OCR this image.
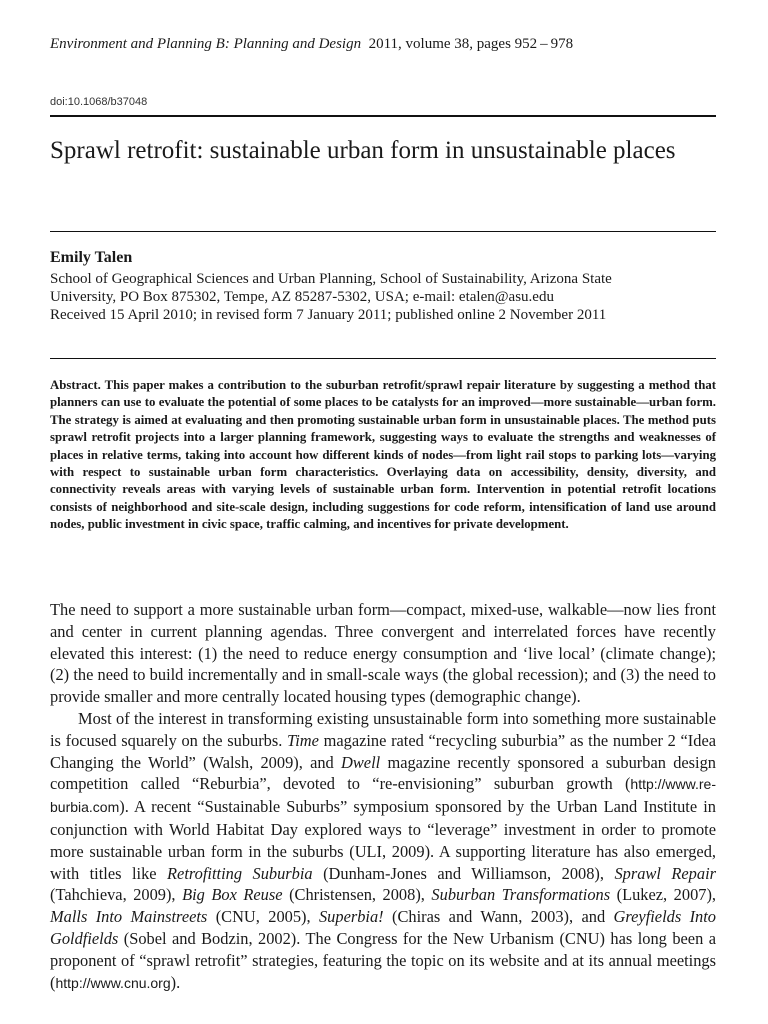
Environment and Planning B: Planning and Design 2011, volume 38, pages 952 – 978
doi:10.1068/b37048
Sprawl retrofit: sustainable urban form in unsustainable places
Emily Talen
School of Geographical Sciences and Urban Planning, School of Sustainability, Arizona State
University, PO Box 875302, Tempe, AZ 85287-5302, USA; e-mail: etalen@asu.edu
Received 15 April 2010; in revised form 7 January 2011; published online 2 November 2011
Abstract. This paper makes a contribution to the suburban retrofit/sprawl repair literature by suggesting a method that planners can use to evaluate the potential of some places to be catalysts for an improved—more sustainable—urban form. The strategy is aimed at evaluating and then promoting sustainable urban form in unsustainable places. The method puts sprawl retrofit projects into a larger planning framework, suggesting ways to evaluate the strengths and weaknesses of places in relative terms, taking into account how different kinds of nodes—from light rail stops to parking lots—varying with respect to sustainable urban form characteristics. Overlaying data on accessibility, density, diversity, and connectivity reveals areas with varying levels of sustainable urban form. Intervention in potential retrofit locations consists of neighborhood and site-scale design, including suggestions for code reform, intensification of land use around nodes, public investment in civic space, traffic calming, and incentives for private development.

The need to support a more sustainable urban form—compact, mixed-use, walkable—now lies front and center in current planning agendas. Three convergent and interrelated forces have recently elevated this interest: (1) the need to reduce energy consumption and ‘live local’ (climate change); (2) the need to build incrementally and in small-scale ways (the global recession); and (3) the need to provide smaller and more centrally located housing types (demographic change).

Most of the interest in transforming existing unsustainable form into something more sustainable is focused squarely on the suburbs. Time magazine rated “recycling suburbia” as the number 2 “Idea Changing the World” (Walsh, 2009), and Dwell magazine recently sponsored a suburban design competition called “Reburbia”, devoted to “re-envisioning” suburban growth (http://www.re-burbia.com). A recent “Sustainable Suburbs” symposium sponsored by the Urban Land Institute in conjunction with World Habitat Day explored ways to “leverage” investment in order to promote more sustainable urban form in the suburbs (ULI, 2009). A supporting literature has also emerged, with titles like Retrofitting Suburbia (Dunham-Jones and Williamson, 2008), Sprawl Repair (Tahchieva, 2009), Big Box Reuse (Christensen, 2008), Suburban Transformations (Lukez, 2007), Malls Into Mainstreets (CNU, 2005), Superbia! (Chiras and Wann, 2003), and Greyfields Into Goldfields (Sobel and Bodzin, 2002). The Congress for the New Urbanism (CNU) has long been a proponent of “sprawl retrofit” strategies, featuring the topic on its website and at its annual meetings (http://www.cnu.org).
